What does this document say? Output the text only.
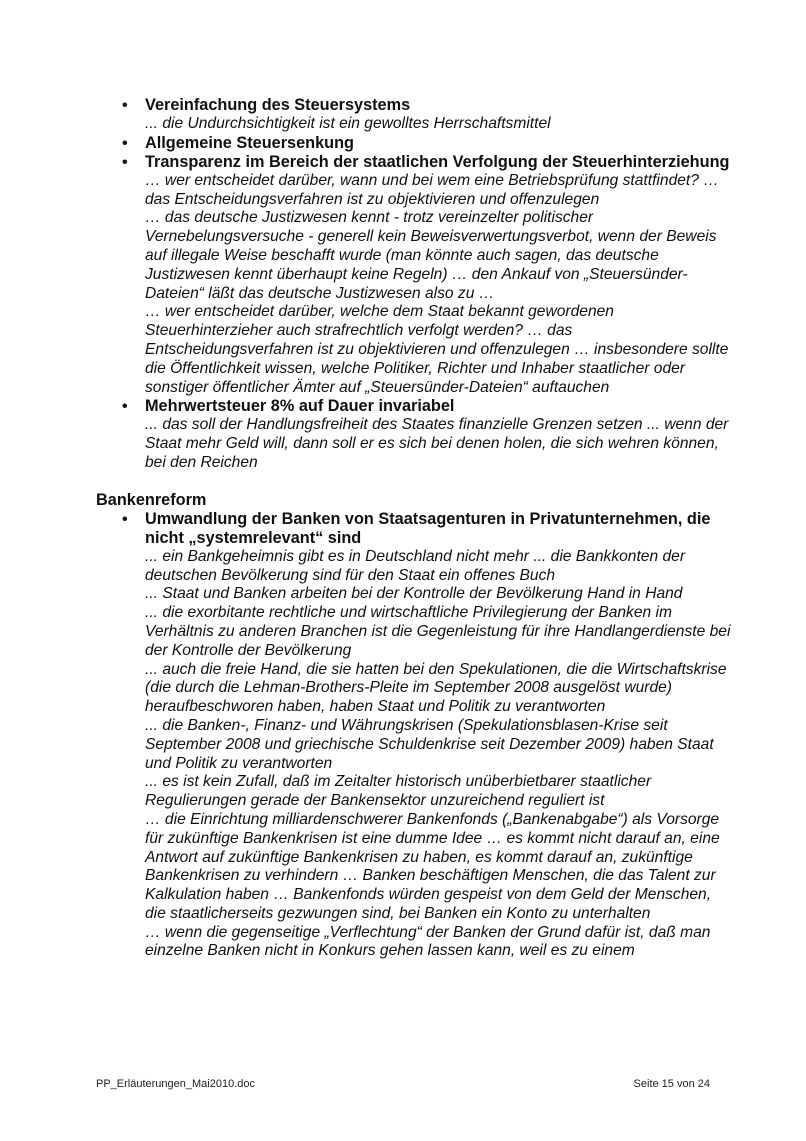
• Vereinfachung des Steuersystems
... die Undurchsichtigkeit ist ein gewolltes Herrschaftsmittel
• Allgemeine Steuersenkung
• Transparenz im Bereich der staatlichen Verfolgung der Steuerhinterziehung
… wer entscheidet darüber, wann und bei wem eine Betriebsprüfung stattfindet? … das Entscheidungsverfahren ist zu objektivieren und offenzulegen
… das deutsche Justizwesen kennt - trotz vereinzelter politischer Vernebelungsversuche - generell kein Beweisverwertungsverbot, wenn der Beweis auf illegale Weise beschafft wurde (man könnte auch sagen, das deutsche Justizwesen kennt überhaupt keine Regeln) … den Ankauf von „Steuersünder-Dateien“ läßt das deutsche Justizwesen also zu …
… wer entscheidet darüber, welche dem Staat bekannt gewordenen Steuerhinterzieher auch strafrechtlich verfolgt werden? … das Entscheidungsverfahren ist zu objektivieren und offenzulegen … insbesondere sollte die Öffentlichkeit wissen, welche Politiker, Richter und Inhaber staatlicher oder sonstiger öffentlicher Ämter auf „Steuersünder-Dateien“ auftauchen
• Mehrwertsteuer 8% auf Dauer invariabel
... das soll der Handlungsfreiheit des Staates finanzielle Grenzen setzen ... wenn der Staat mehr Geld will, dann soll er es sich bei denen holen, die sich wehren können, bei den Reichen
Bankenreform
• Umwandlung der Banken von Staatsagenturen in Privatunternehmen, die nicht „systemrelevant“ sind
... ein Bankgeheimnis gibt es in Deutschland nicht mehr ... die Bankkonten der deutschen Bevölkerung sind für den Staat ein offenes Buch
... Staat und Banken arbeiten bei der Kontrolle der Bevölkerung Hand in Hand
... die exorbitante rechtliche und wirtschaftliche Privilegierung der Banken im Verhältnis zu anderen Branchen ist die Gegenleistung für ihre Handlangerdienste bei der Kontrolle der Bevölkerung
... auch die freie Hand, die sie hatten bei den Spekulationen, die die Wirtschaftskrise (die durch die Lehman-Brothers-Pleite im September 2008 ausgelöst wurde) heraufbeschworen haben, haben Staat und Politik zu verantworten
... die Banken-, Finanz- und Währungskrisen (Spekulationsblasen-Krise seit September 2008 und griechische Schuldenkrise seit Dezember 2009) haben Staat und Politik zu verantworten
... es ist kein Zufall, daß im Zeitalter historisch unüberbietbarer staatlicher Regulierungen gerade der Bankensektor unzureichend reguliert ist
… die Einrichtung milliardenschwerer Bankenfonds („Bankenabgabe“) als Vorsorge für zukünftige Bankenkrisen ist eine dumme Idee … es kommt nicht darauf an, eine Antwort auf zukünftige Bankenkrisen zu haben, es kommt darauf an, zukünftige Bankenkrisen zu verhindern … Banken beschäftigen Menschen, die das Talent zur Kalkulation haben … Bankenfonds würden gespeist von dem Geld der Menschen, die staatlicherseits gezwungen sind, bei Banken ein Konto zu unterhalten
… wenn die gegenseitige „Verflechtung“ der Banken der Grund dafür ist, daß man einzelne Banken nicht in Konkurs gehen lassen kann, weil es zu einem
PP_Erläuterungen_Mai2010.doc	Seite 15 von 24
